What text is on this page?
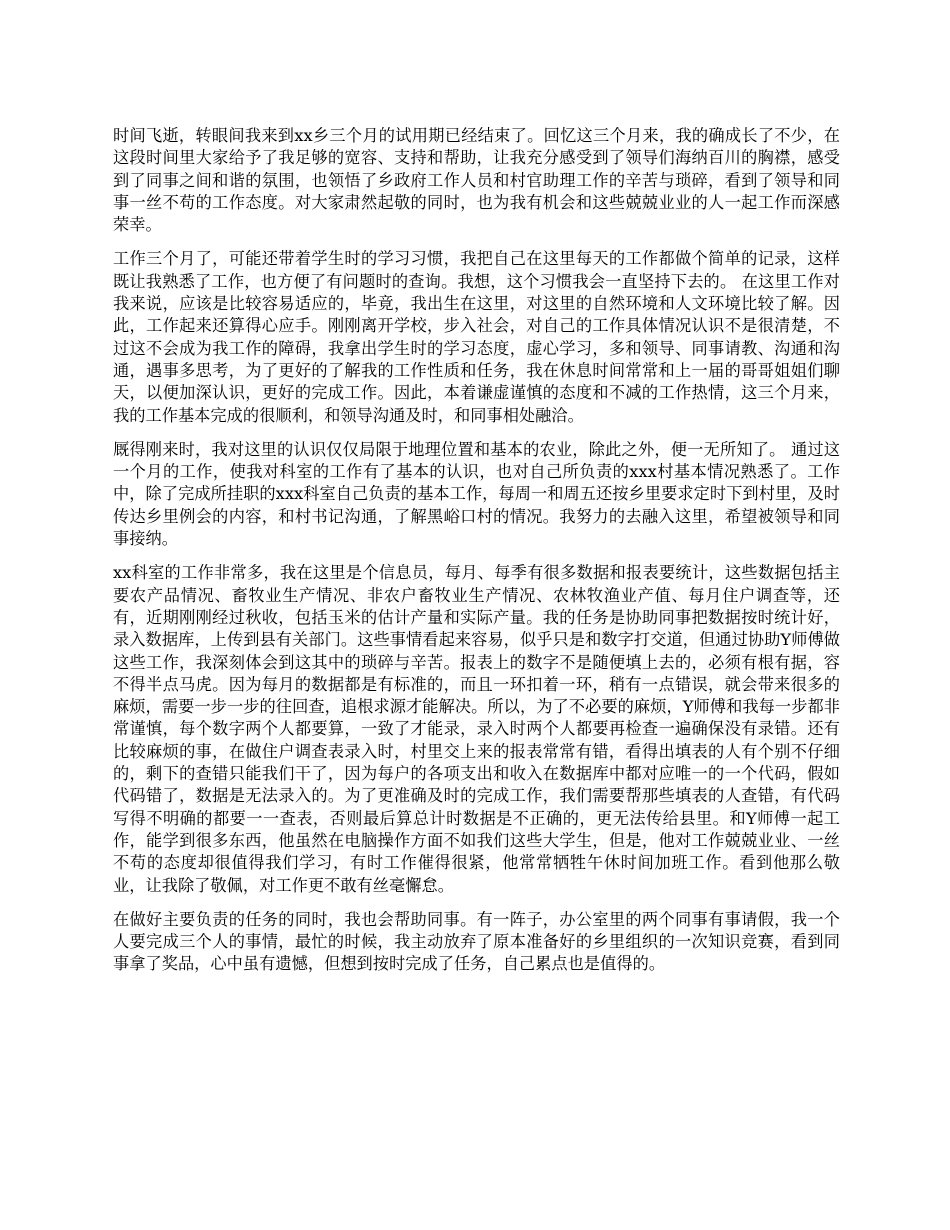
时间飞逝，转眼间我来到xx乡三个月的试用期已经结束了。回忆这三个月来，我的确成长了不少，在这段时间里大家给予了我足够的宽容、支持和帮助，让我充分感受到了领导们海纳百川的胸襟，感受到了同事之间和谐的氛围，也领悟了乡政府工作人员和村官助理工作的辛苦与琐碎，看到了领导和同事一丝不苟的工作态度。对大家肃然起敬的同时，也为我有机会和这些兢兢业业的人一起工作而深感荣幸。

工作三个月了，可能还带着学生时的学习习惯，我把自己在这里每天的工作都做个简单的记录，这样既让我熟悉了工作，也方便了有问题时的查询。我想，这个习惯我会一直坚持下去的。 在这里工作对我来说，应该是比较容易适应的，毕竟，我出生在这里，对这里的自然环境和人文环境比较了解。因此，工作起来还算得心应手。刚刚离开学校，步入社会，对自己的工作具体情况认识不是很清楚，不过这不会成为我工作的障碍，我拿出学生时的学习态度，虚心学习，多和领导、同事请教、沟通和沟通，遇事多思考，为了更好的了解我的工作性质和任务，我在休息时间常常和上一届的哥哥姐姐们聊天，以便加深认识，更好的完成工作。因此，本着谦虚谨慎的态度和不减的工作热情，这三个月来，我的工作基本完成的很顺利，和领导沟通及时，和同事相处融洽。

厩得刚来时，我对这里的认识仅仅局限于地理位置和基本的农业，除此之外，便一无所知了。 通过这一个月的工作，使我对科室的工作有了基本的认识，也对自己所负责的xxx村基本情况熟悉了。工作中，除了完成所挂职的xxx科室自己负责的基本工作，每周一和周五还按乡里要求定时下到村里，及时传达乡里例会的内容，和村书记沟通，了解黑峪口村的情况。我努力的去融入这里，希望被领导和同事接纳。

xx科室的工作非常多，我在这里是个信息员，每月、每季有很多数据和报表要统计，这些数据包括主要农产品情况、畜牧业生产情况、非农户畜牧业生产情况、农林牧渔业产值、每月住户调查等，还有，近期刚刚经过秋收，包括玉米的估计产量和实际产量。我的任务是协助同事把数据按时统计好，录入数据库，上传到县有关部门。这些事情看起来容易，似乎只是和数字打交道，但通过协助Y师傅做这些工作，我深刻体会到这其中的琐碎与辛苦。报表上的数字不是随便填上去的，必须有根有据，容不得半点马虎。因为每月的数据都是有标准的，而且一环扣着一环，稍有一点错误，就会带来很多的麻烦，需要一步一步的往回查，追根求源才能解决。所以，为了不必要的麻烦，Y师傅和我每一步都非常谨慎，每个数字两个人都要算，一致了才能录，录入时两个人都要再检查一遍确保没有录错。还有比较麻烦的事，在做住户调查表录入时，村里交上来的报表常常有错，看得出填表的人有个别不仔细的，剩下的查错只能我们干了，因为每户的各项支出和收入在数据库中都对应唯一的一个代码，假如代码错了，数据是无法录入的。为了更准确及时的完成工作，我们需要帮那些填表的人查错，有代码写得不明确的都要一一查表，否则最后算总计时数据是不正确的，更无法传给县里。和Y师傅一起工作，能学到很多东西，他虽然在电脑操作方面不如我们这些大学生，但是，他对工作兢兢业业、一丝不苟的态度却很值得我们学习，有时工作催得很紧，他常常牺牲午休时间加班工作。看到他那么敬业，让我除了敬佩，对工作更不敢有丝毫懈怠。

在做好主要负责的任务的同时，我也会帮助同事。有一阵子，办公室里的两个同事有事请假，我一个人要完成三个人的事情，最忙的时候，我主动放弃了原本准备好的乡里组织的一次知识竞赛，看到同事拿了奖品，心中虽有遗憾，但想到按时完成了任务，自己累点也是值得的。
